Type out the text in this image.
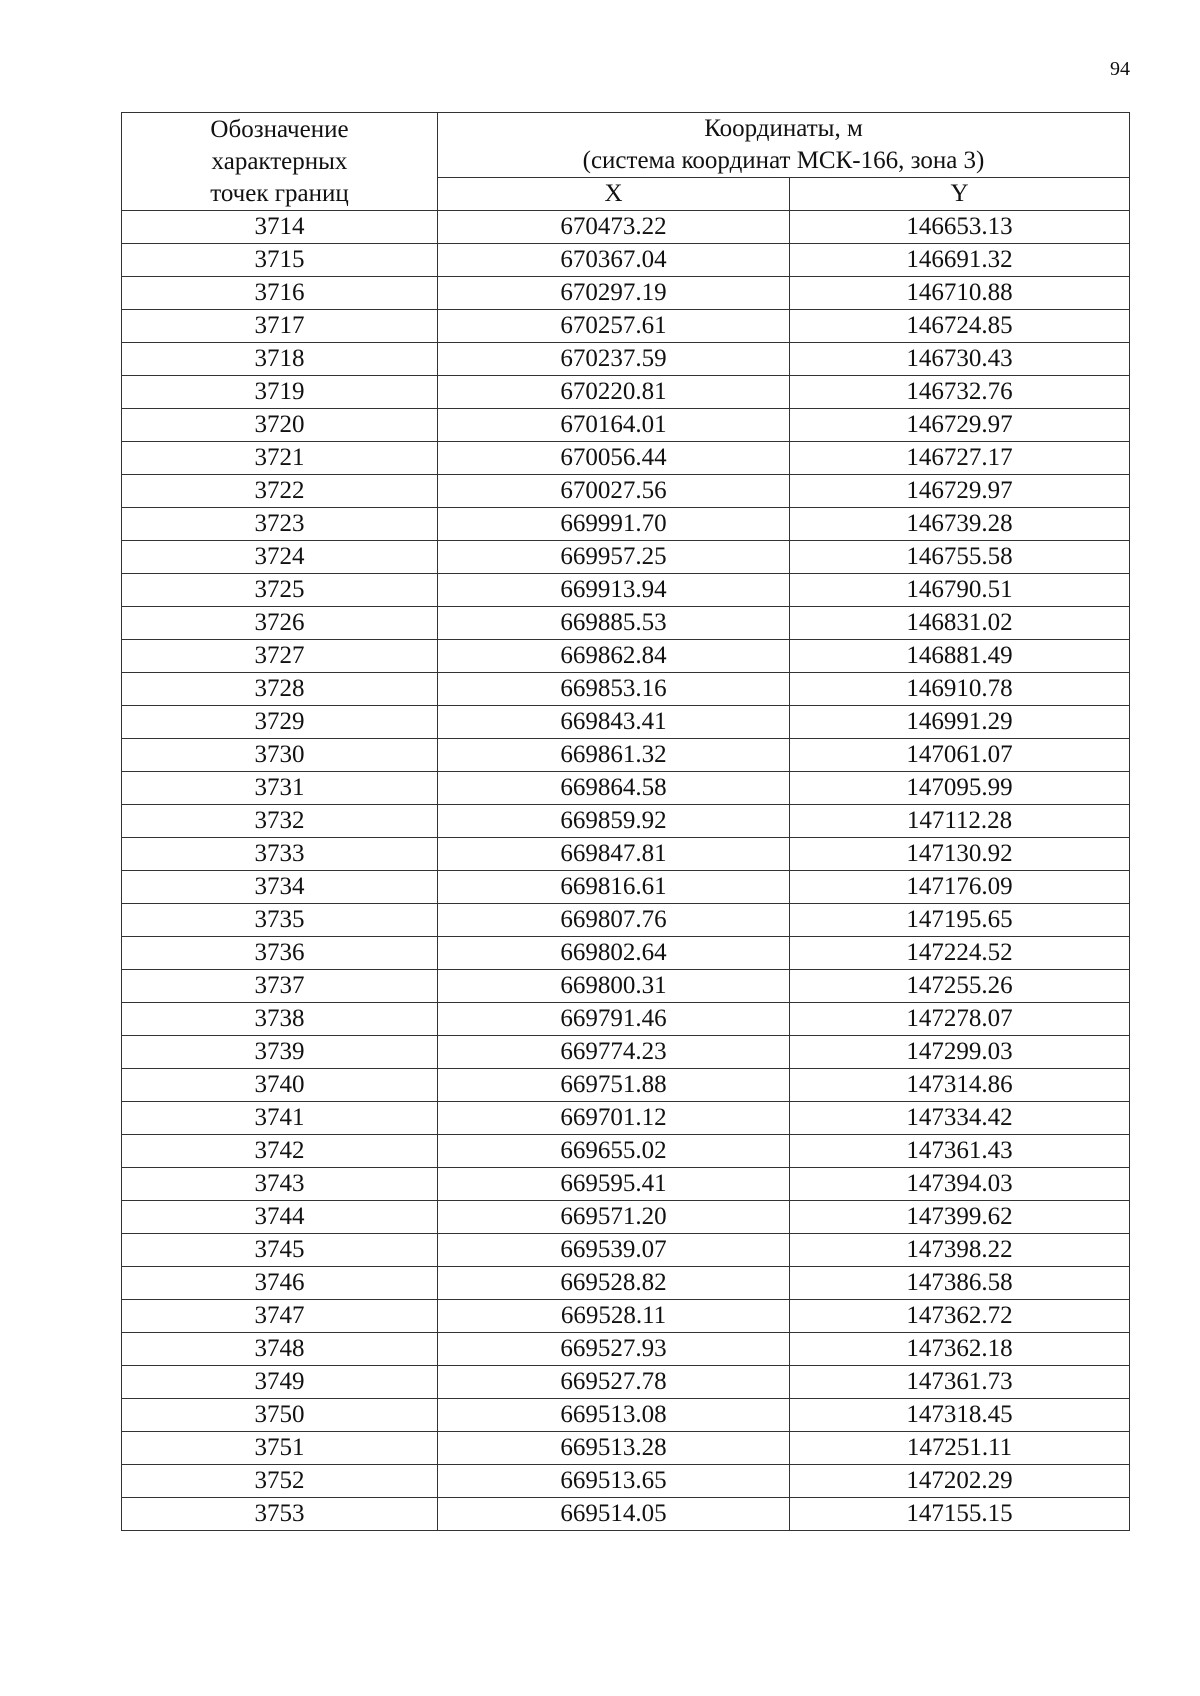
94
Обозначение
характерных
точек границ	Координаты, м
(система координат МСК-166, зона 3)	

	X	Y
3714	670473.22	146653.13
3715	670367.04	146691.32
3716	670297.19	146710.88
3717	670257.61	146724.85
3718	670237.59	146730.43
3719	670220.81	146732.76
3720	670164.01	146729.97
3721	670056.44	146727.17
3722	670027.56	146729.97
3723	669991.70	146739.28
3724	669957.25	146755.58
3725	669913.94	146790.51
3726	669885.53	146831.02
3727	669862.84	146881.49
3728	669853.16	146910.78
3729	669843.41	146991.29
3730	669861.32	147061.07
3731	669864.58	147095.99
3732	669859.92	147112.28
3733	669847.81	147130.92
3734	669816.61	147176.09
3735	669807.76	147195.65
3736	669802.64	147224.52
3737	669800.31	147255.26
3738	669791.46	147278.07
3739	669774.23	147299.03
3740	669751.88	147314.86
3741	669701.12	147334.42
3742	669655.02	147361.43
3743	669595.41	147394.03
3744	669571.20	147399.62
3745	669539.07	147398.22
3746	669528.82	147386.58
3747	669528.11	147362.72
3748	669527.93	147362.18
3749	669527.78	147361.73
3750	669513.08	147318.45
3751	669513.28	147251.11
3752	669513.65	147202.29
3753	669514.05	147155.15
